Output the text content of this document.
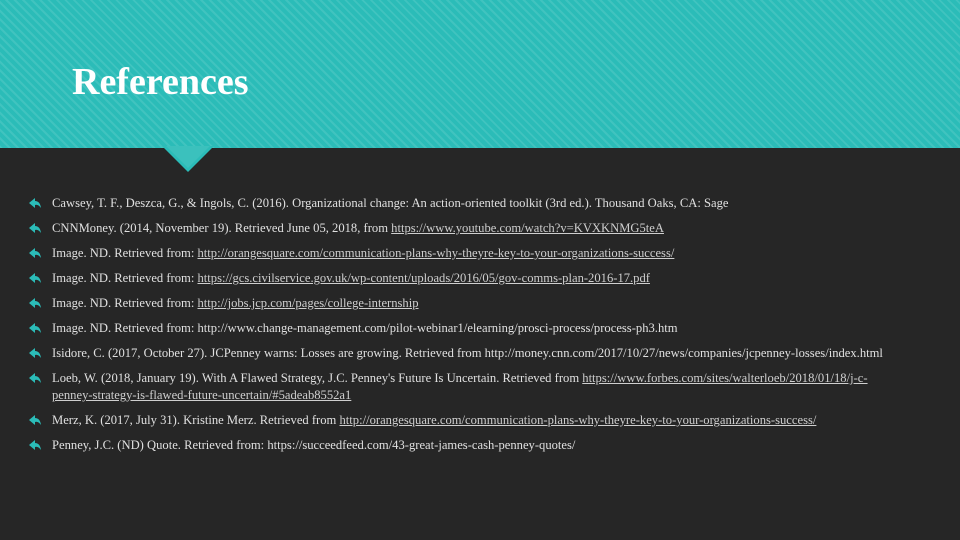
References
Cawsey, T. F., Deszca, G., & Ingols, C. (2016). Organizational change: An action-oriented toolkit (3rd ed.). Thousand Oaks, CA: Sage
CNNMoney. (2014, November 19). Retrieved June 05, 2018, from https://www.youtube.com/watch?v=KVXKNMG5teA
Image. ND. Retrieved from: http://orangesquare.com/communication-plans-why-theyre-key-to-your-organizations-success/
Image. ND. Retrieved from: https://gcs.civilservice.gov.uk/wp-content/uploads/2016/05/gov-comms-plan-2016-17.pdf
Image. ND. Retrieved from: http://jobs.jcp.com/pages/college-internship
Image. ND. Retrieved from: http://www.change-management.com/pilot-webinar1/elearning/prosci-process/process-ph3.htm
Isidore, C. (2017, October 27). JCPenney warns: Losses are growing. Retrieved from http://money.cnn.com/2017/10/27/news/companies/jcpenney-losses/index.html
Loeb, W. (2018, January 19). With A Flawed Strategy, J.C. Penney's Future Is Uncertain. Retrieved from https://www.forbes.com/sites/walterloeb/2018/01/18/j-c-penney-strategy-is-flawed-future-uncertain/#5adeab8552a1
Merz, K. (2017, July 31). Kristine Merz. Retrieved from http://orangesquare.com/communication-plans-why-theyre-key-to-your-organizations-success/
Penney, J.C. (ND) Quote. Retrieved from: https://succeedfeed.com/43-great-james-cash-penney-quotes/
